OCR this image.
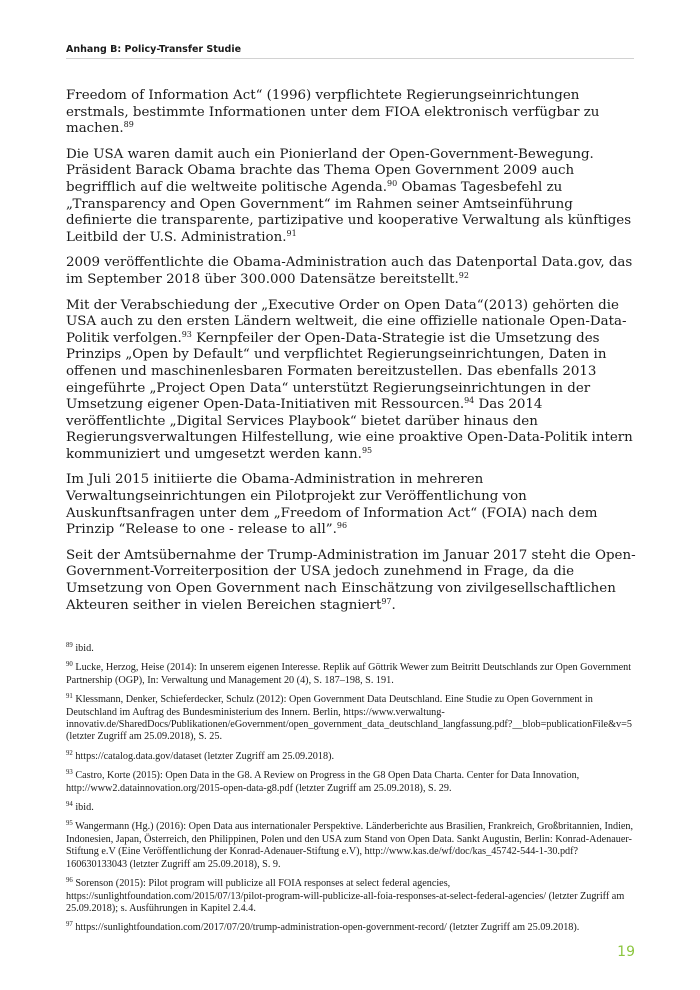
Anhang B: Policy-Transfer Studie

Freedom of Information Act“ (1996) verpflichtete Regierungseinrichtungen erstmals, bestimmte Informationen unter dem FIOA elektronisch verfügbar zu machen.$^{89}$

Die USA waren damit auch ein Pionierland der Open-Government-Bewegung. Präsident Barack Obama brachte das Thema Open Government 2009 auch begrifflich auf die weltweite politische Agenda.$^{90}$ Obamas Tagesbefehl zu „Transparency and Open Government“ im Rahmen seiner Amtseinführung definierte die transparente, partizipative und kooperative Verwaltung als künftiges Leitbild der U.S. Administration.$^{91}$

2009 veröffentlichte die Obama-Administration auch das Datenportal Data.gov, das im September 2018 über 300.000 Datensätze bereitstellt.$^{92}$

Mit der Verabschiedung der „Executive Order on Open Data“(2013) gehörten die USA auch zu den ersten Ländern weltweit, die eine offizielle nationale Open-Data-Politik verfolgen.$^{93}$ Kernpfeiler der Open-Data-Strategie ist die Umsetzung des Prinzips „Open by Default“ und verpflichtet Regierungseinrichtungen, Daten in offenen und maschinenlesbaren Formaten bereitzustellen. Das ebenfalls 2013 eingeführte „Project Open Data“ unterstützt Regierungseinrichtungen in der Umsetzung eigener Open-Data-Initiativen mit Ressourcen.$^{94}$ Das 2014 veröffentlichte „Digital Services Playbook“ bietet darüber hinaus den Regierungsverwaltungen Hilfestellung, wie eine proaktive Open-Data-Politik intern kommuniziert und umgesetzt werden kann.$^{95}$

Im Juli 2015 initiierte die Obama-Administration in mehreren Verwaltungseinrichtungen ein Pilotprojekt zur Veröffentlichung von Auskunftsanfragen unter dem „Freedom of Information Act“ (FOIA) nach dem Prinzip “Release to one - release to all”.$^{96}$

Seit der Amtsübernahme der Trump-Administration im Januar 2017 steht die Open-Government-Vorreiterposition der USA jedoch zunehmend in Frage, da die Umsetzung von Open Government nach Einschätzung von zivilgesellschaftlichen Akteuren seither in vielen Bereichen stagniert$^{97}$.

$^{89}$ ibid.
$^{90}$ Lucke, Herzog, Heise (2014): In unserem eigenen Interesse. Replik auf Göttrik Wewer zum Beitritt Deutschlands zur Open Government Partnership (OGP), In: Verwaltung und Management 20 (4), S. 187–198, S. 191.
$^{91}$ Klessmann, Denker, Schieferdecker, Schulz (2012): Open Government Data Deutschland. Eine Studie zu Open Government in Deutschland im Auftrag des Bundesministerium des Innern. Berlin, https://www.verwaltung-innovativ.de/SharedDocs/Publikationen/eGovernment/open_government_data_deutschland_langfassung.pdf?__blob=publicationFile&v=5 (letzter Zugriff am 25.09.2018), S. 25.
$^{92}$ https://catalog.data.gov/dataset (letzter Zugriff am 25.09.2018).
$^{93}$ Castro, Korte (2015): Open Data in the G8. A Review on Progress in the G8 Open Data Charta. Center for Data Innovation, http://www2.datainnovation.org/2015-open-data-g8.pdf (letzter Zugriff am 25.09.2018), S. 29.
$^{94}$ ibid.
$^{95}$ Wangermann (Hg.) (2016): Open Data aus internationaler Perspektive. Länderberichte aus Brasilien, Frankreich, Großbritannien, Indien, Indonesien, Japan, Österreich, den Philippinen, Polen und den USA zum Stand von Open Data. Sankt Augustin, Berlin: Konrad-Adenauer-Stiftung e.V (Eine Veröffentlichung der Konrad-Adenauer-Stiftung e.V), http://www.kas.de/wf/doc/kas_45742-544-1-30.pdf?160630133043 (letzter Zugriff am 25.09.2018), S. 9.
$^{96}$ Sorenson (2015): Pilot program will publicize all FOIA responses at select federal agencies, https://sunlightfoundation.com/2015/07/13/pilot-program-will-publicize-all-foia-responses-at-select-federal-agencies/ (letzter Zugriff am 25.09.2018); s. Ausführungen in Kapitel 2.4.4.
$^{97}$ https://sunlightfoundation.com/2017/07/20/trump-administration-open-government-record/ (letzter Zugriff am 25.09.2018).
19
